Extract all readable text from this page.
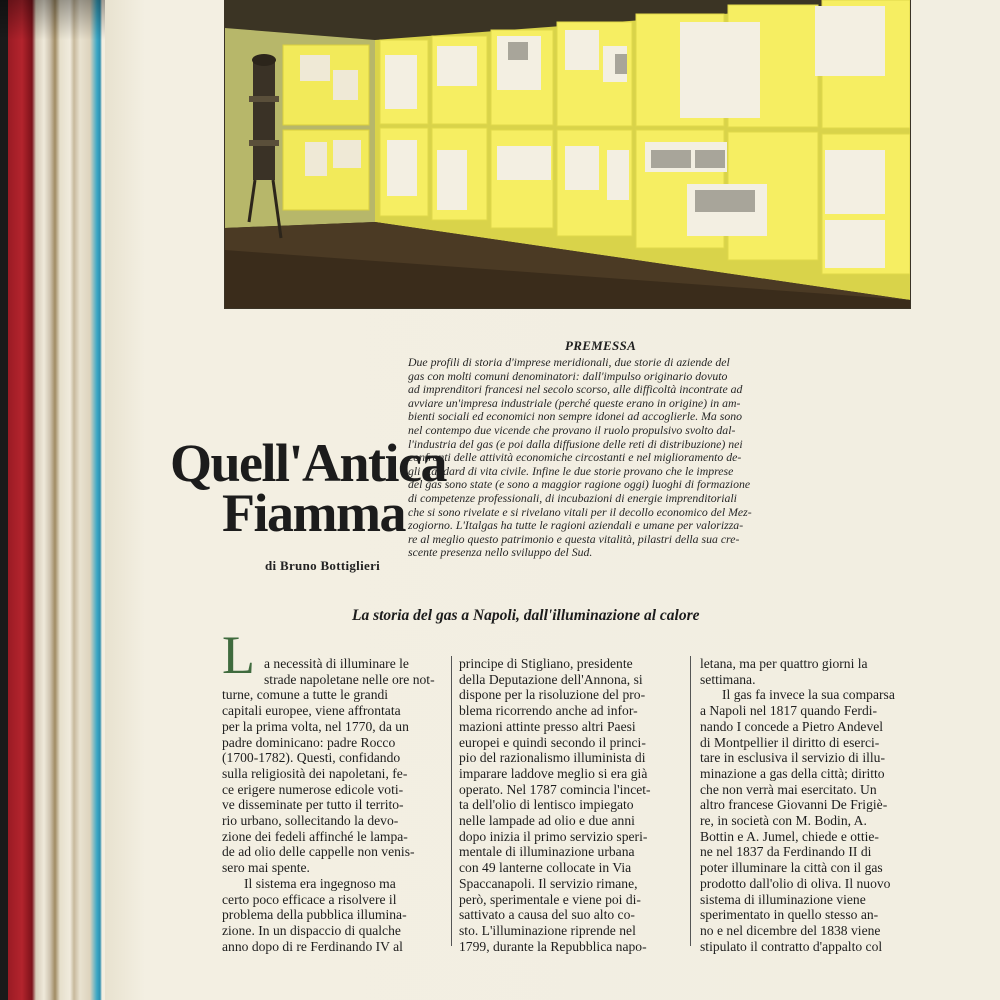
PREMESSA
Due profili di storia d'imprese meridionali, due storie di aziende del
gas con molti comuni denominatori: dall'impulso originario dovuto
ad imprenditori francesi nel secolo scorso, alle difficoltà incontrate ad
avviare un'impresa industriale (perché queste erano in origine) in am-
bienti sociali ed economici non sempre idonei ad accoglierle. Ma sono
nel contempo due vicende che provano il ruolo propulsivo svolto dal-
l'industria del gas (e poi dalla diffusione delle reti di distribuzione) nei
confronti delle attività economiche circostanti e nel miglioramento de-
gli standard di vita civile. Infine le due storie provano che le imprese
del gas sono state (e sono a maggior ragione oggi) luoghi di formazione
di competenze professionali, di incubazioni di energie imprenditoriali
che si sono rivelate e si rivelano vitali per il decollo economico del Mez-
zogiorno. L'Italgas ha tutte le ragioni aziendali e umane per valorizza-
re al meglio questo patrimonio e questa vitalità, pilastri della sua cre-
scente presenza nello sviluppo del Sud.
Quell'Antica
Fiamma
di Bruno Bottiglieri
La storia del gas a Napoli, dall'illuminazione al calore
L a necessità di illuminare le
strade napoletane nelle ore not-
turne, comune a tutte le grandi
capitali europee, viene affrontata
per la prima volta, nel 1770, da un
padre dominicano: padre Rocco
(1700-1782). Questi, confidando
sulla religiosità dei napoletani, fe-
ce erigere numerose edicole voti-
ve disseminate per tutto il territo-
rio urbano, sollecitando la devo-
zione dei fedeli affinché le lampa-
de ad olio delle cappelle non venis-
sero mai spente.
Il sistema era ingegnoso ma
certo poco efficace a risolvere il
problema della pubblica illumina-
zione. In un dispaccio di qualche
anno dopo di re Ferdinando IV al
principe di Stigliano, presidente
della Deputazione dell'Annona, si
dispone per la risoluzione del pro-
blema ricorrendo anche ad infor-
mazioni attinte presso altri Paesi
europei e quindi secondo il princi-
pio del razionalismo illuminista di
imparare laddove meglio si era già
operato. Nel 1787 comincia l'incet-
ta dell'olio di lentisco impiegato
nelle lampade ad olio e due anni
dopo inizia il primo servizio speri-
mentale di illuminazione urbana
con 49 lanterne collocate in Via
Spaccanapoli. Il servizio rimane,
però, sperimentale e viene poi di-
sattivato a causa del suo alto co-
sto. L'illuminazione riprende nel
1799, durante la Repubblica napo-
letana, ma per quattro giorni la
settimana.
Il gas fa invece la sua comparsa
a Napoli nel 1817 quando Ferdi-
nando I concede a Pietro Andevel
di Montpellier il diritto di eserci-
tare in esclusiva il servizio di illu-
minazione a gas della città; diritto
che non verrà mai esercitato. Un
altro francese Giovanni De Frigiè-
re, in società con M. Bodin, A.
Bottin e A. Jumel, chiede e ottie-
ne nel 1837 da Ferdinando II di
poter illuminare la città con il gas
prodotto dall'olio di oliva. Il nuovo
sistema di illuminazione viene
sperimentato in quello stesso an-
no e nel dicembre del 1838 viene
stipulato il contratto d'appalto col
